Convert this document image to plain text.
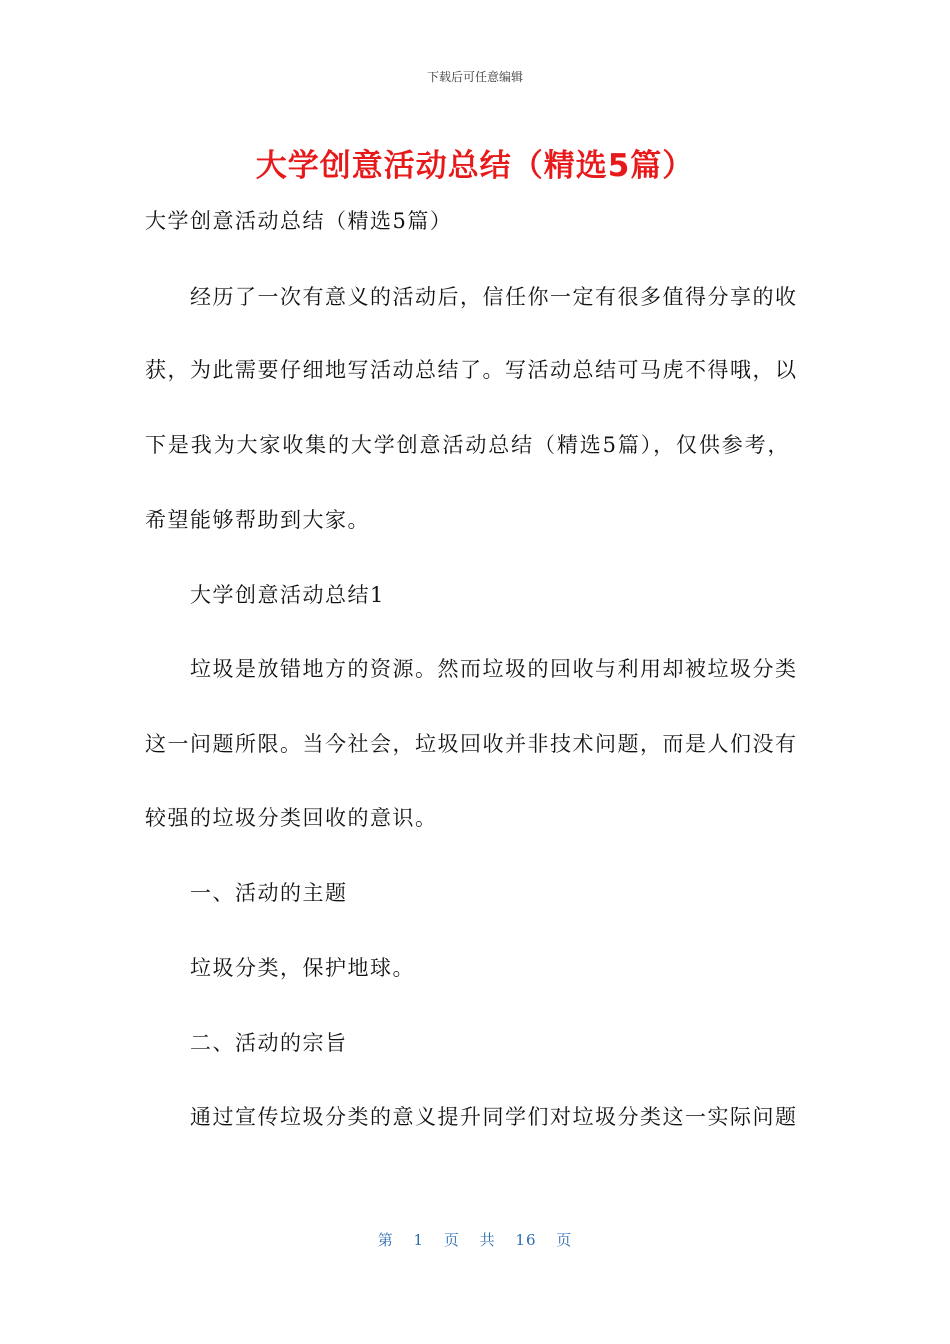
下载后可任意编辑
大学创意活动总结（精选5篇）
大学创意活动总结（精选5篇）
经历了一次有意义的活动后，信任你一定有很多值得分享的收
获，为此需要仔细地写活动总结了。写活动总结可马虎不得哦，以
下是我为大家收集的大学创意活动总结（精选5篇），仅供参考，
希望能够帮助到大家。
大学创意活动总结1
垃圾是放错地方的资源。然而垃圾的回收与利用却被垃圾分类
这一问题所限。当今社会，垃圾回收并非技术问题，而是人们没有
较强的垃圾分类回收的意识。
一、活动的主题
垃圾分类，保护地球。
二、活动的宗旨
通过宣传垃圾分类的意义提升同学们对垃圾分类这一实际问题
第 1 页 共 16 页
